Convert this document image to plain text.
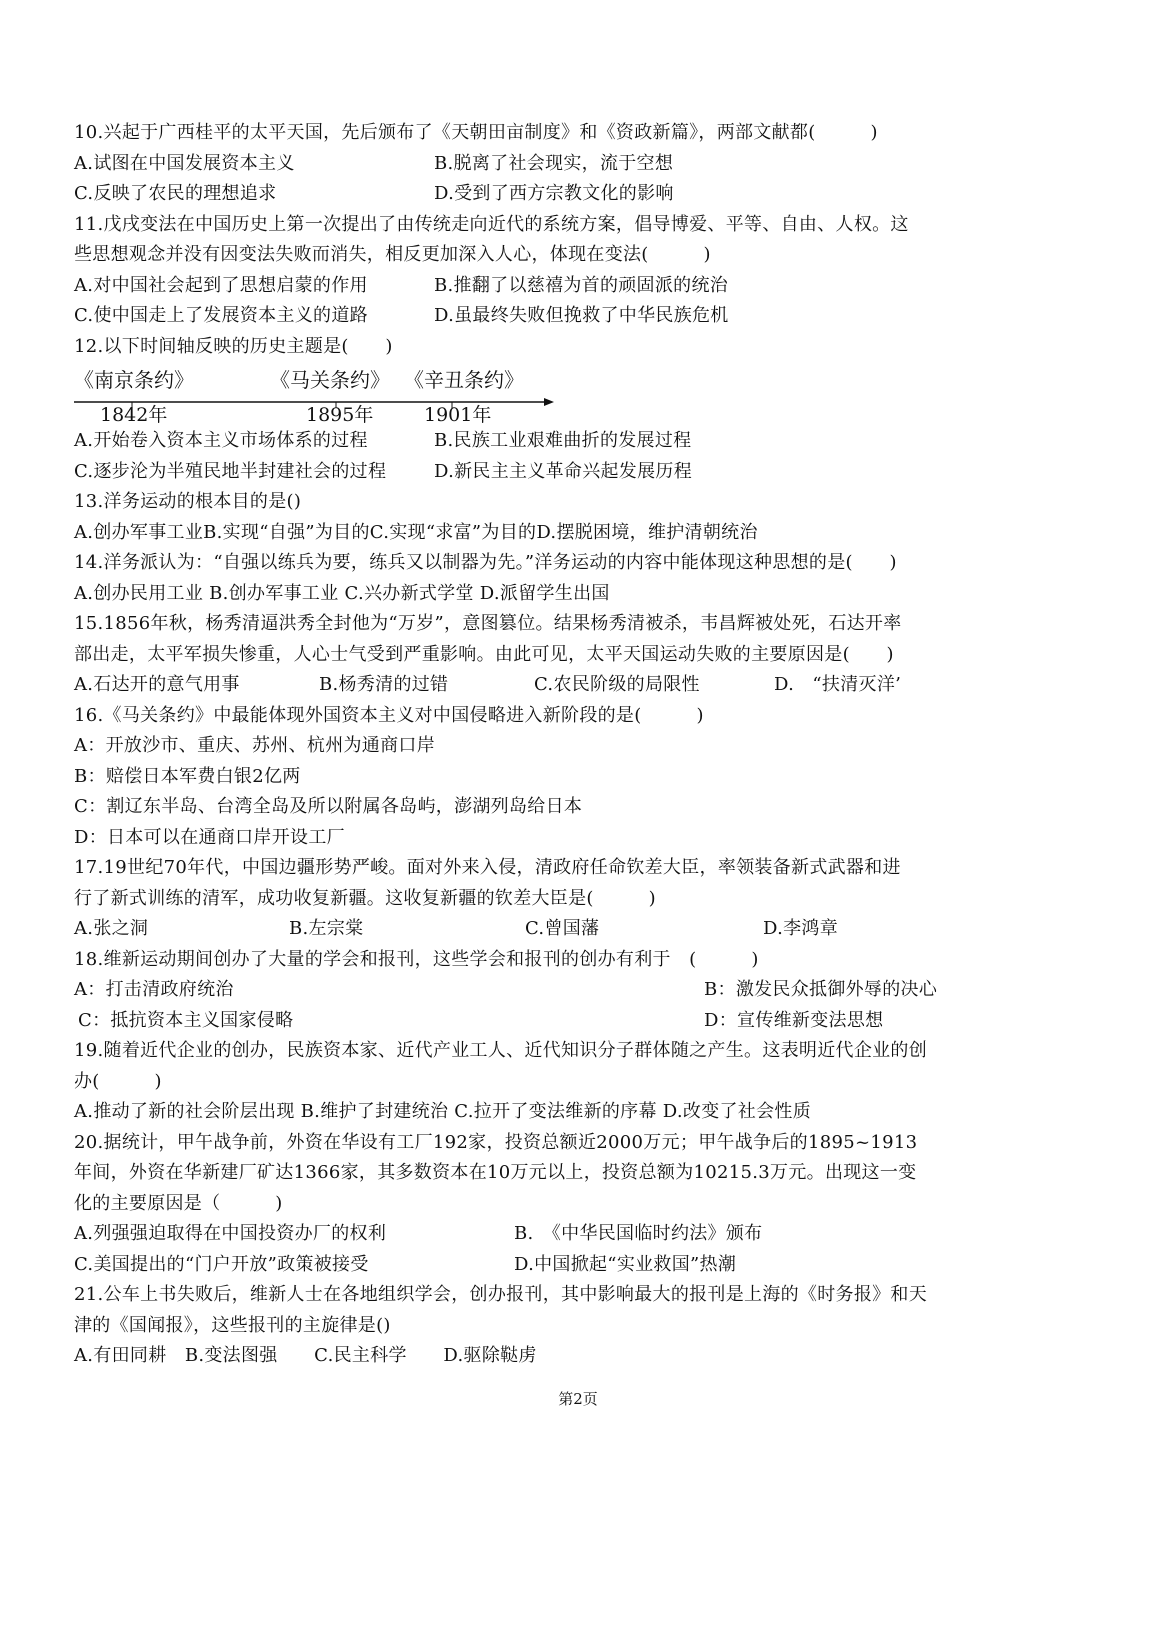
10.兴起于广西桂平的太平天国，先后颁布了《天朝田亩制度》和《资政新篇》，两部文献都(　　　)
A.试图在中国发展资本主义	B.脱离了社会现实，流于空想
C.反映了农民的理想追求	D.受到了西方宗教文化的影响
11.戊戌变法在中国历史上第一次提出了由传统走向近代的系统方案，倡导博爱、平等、自由、人权。这
些思想观念并没有因变法失败而消失，相反更加深入人心，体现在变法(　　　)
A.对中国社会起到了思想启蒙的作用	B.推翻了以慈禧为首的顽固派的统治
C.使中国走上了发展资本主义的道路	D.虽最终失败但挽救了中华民族危机
12.以下时间轴反映的历史主题是(　　)
《南京条约》	《马关条约》 《辛丑条约》
1842年	1895年	1901年
A.开始卷入资本主义市场体系的过程	B.民族工业艰难曲折的发展过程
C.逐步沦为半殖民地半封建社会的过程	D.新民主主义革命兴起发展历程
13.洋务运动的根本目的是()
A.创办军事工业B.实现“自强”为目的C.实现“求富”为目的D.摆脱困境，维护清朝统治
14.洋务派认为：“自强以练兵为要，练兵又以制器为先。”洋务运动的内容中能体现这种思想的是(　　)
A.创办民用工业 B.创办军事工业 C.兴办新式学堂 D.派留学生出国
15.1856年秋，杨秀清逼洪秀全封他为“万岁”，意图篡位。结果杨秀清被杀，韦昌辉被处死，石达开率
部出走，太平军损失惨重，人心士气受到严重影响。由此可见，太平天国运动失败的主要原因是(　　)
A.石达开的意气用事	B.杨秀清的过错	C.农民阶级的局限性	D.　“扶清灭洋’
16.《马关条约》中最能体现外国资本主义对中国侵略进入新阶段的是(　　　)
A：开放沙市、重庆、苏州、杭州为通商口岸
B：赔偿日本军费白银2亿两
C：割辽东半岛、台湾全岛及所以附属各岛屿，澎湖列岛给日本
D：日本可以在通商口岸开设工厂
17.19世纪70年代，中国边疆形势严峻。面对外来入侵，清政府任命钦差大臣，率领装备新式武器和进
行了新式训练的清军，成功收复新疆。这收复新疆的钦差大臣是(　　　)
A.张之洞	B.左宗棠	C.曾国藩	D.李鸿章
18.维新运动期间创办了大量的学会和报刊，这些学会和报刊的创办有利于　(　　　)
A：打击清政府统治	B：激发民众抵御外辱的决心
C：抵抗资本主义国家侵略	D：宣传维新变法思想
19.随着近代企业的创办，民族资本家、近代产业工人、近代知识分子群体随之产生。这表明近代企业的创
办(　　　)
A.推动了新的社会阶层出现 B.维护了封建统治 C.拉开了变法维新的序幕 D.改变了社会性质
20.据统计，甲午战争前，外资在华设有工厂192家，投资总额近2000万元；甲午战争后的1895~1913
年间，外资在华新建厂矿达1366家，其多数资本在10万元以上，投资总额为10215.3万元。出现这一变
化的主要原因是（　　　)
A.列强强迫取得在中国投资办厂的权利	B.　《中华民国临时约法》颁布
C.美国提出的“门户开放”政策被接受	D.中国掀起“实业救国”热潮
21.公车上书失败后，维新人士在各地组织学会，创办报刊，其中影响最大的报刊是上海的《时务报》和天
津的《国闻报》，这些报刊的主旋律是()
A.有田同耕　B.变法图强　　C.民主科学　　D.驱除鞑虏
第2页
